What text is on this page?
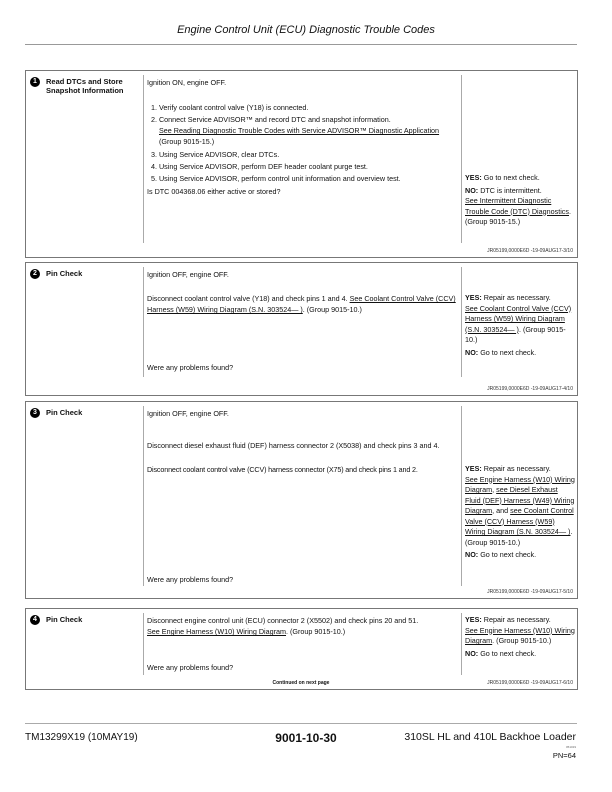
Engine Control Unit (ECU) Diagnostic Trouble Codes
1	Read DTCs and Store Snapshot Information
Ignition ON, engine OFF.
1. Verify coolant control valve (Y18) is connected.
2. Connect Service ADVISOR™ and record DTC and snapshot information.
See Reading Diagnostic Trouble Codes with Service ADVISOR™ Diagnostic Application (Group 9015-15.)
3. Using Service ADVISOR, clear DTCs.
4. Using Service ADVISOR, perform DEF header coolant purge test.
5. Using Service ADVISOR, perform control unit information and overview test.
Is DTC 004368.06 either active or stored?
YES: Go to next check.
NO: DTC is intermittent.
See Intermittent Diagnostic Trouble Code (DTC) Diagnostics. (Group 9015-15.)
JR05199,0000E6D -19-09AUG17-3/10
2	Pin Check	Ignition OFF, engine OFF.
Disconnect coolant control valve (Y18) and check pins 1 and 4. See Coolant Control Valve (CCV) Harness (W59) Wiring Diagram (S.N. 303524— ). (Group 9015-10.)
Were any problems found?
YES: Repair as necessary.
See Coolant Control Valve (CCV) Harness (W59) Wiring Diagram (S.N. 303524— ). (Group 9015-10.)
NO: Go to next check.
JR05199,0000E6D -19-09AUG17-4/10
3	Pin Check	Ignition OFF, engine OFF.
Disconnect diesel exhaust fluid (DEF) harness connector 2 (X5038) and check pins 3 and 4.
Disconnect coolant control valve (CCV) harness connector (X75) and check pins 1 and 2.
Were any problems found?
YES: Repair as necessary.
See Engine Harness (W10) Wiring Diagram, see Diesel Exhaust Fluid (DEF) Harness (W49) Wiring Diagram, and see Coolant Control Valve (CCV) Harness (W59) Wiring Diagram (S.N. 303524— ). (Group 9015-10.)
NO: Go to next check.
JR05199,0000E6D -19-09AUG17-5/10
4	Pin Check	Disconnect engine control unit (ECU) connector 2 (X5502) and check pins 20 and 51.
See Engine Harness (W10) Wiring Diagram. (Group 9015-10.)
Were any problems found?
YES: Repair as necessary.
See Engine Harness (W10) Wiring Diagram. (Group 9015-10.)
NO: Go to next check.
Continued on next page	JR05199,0000E6D -19-09AUG17-6/10
TM13299X19 (10MAY19)	9001-10-30	310SL HL and 410L Backhoe Loader
051019
PN=64
